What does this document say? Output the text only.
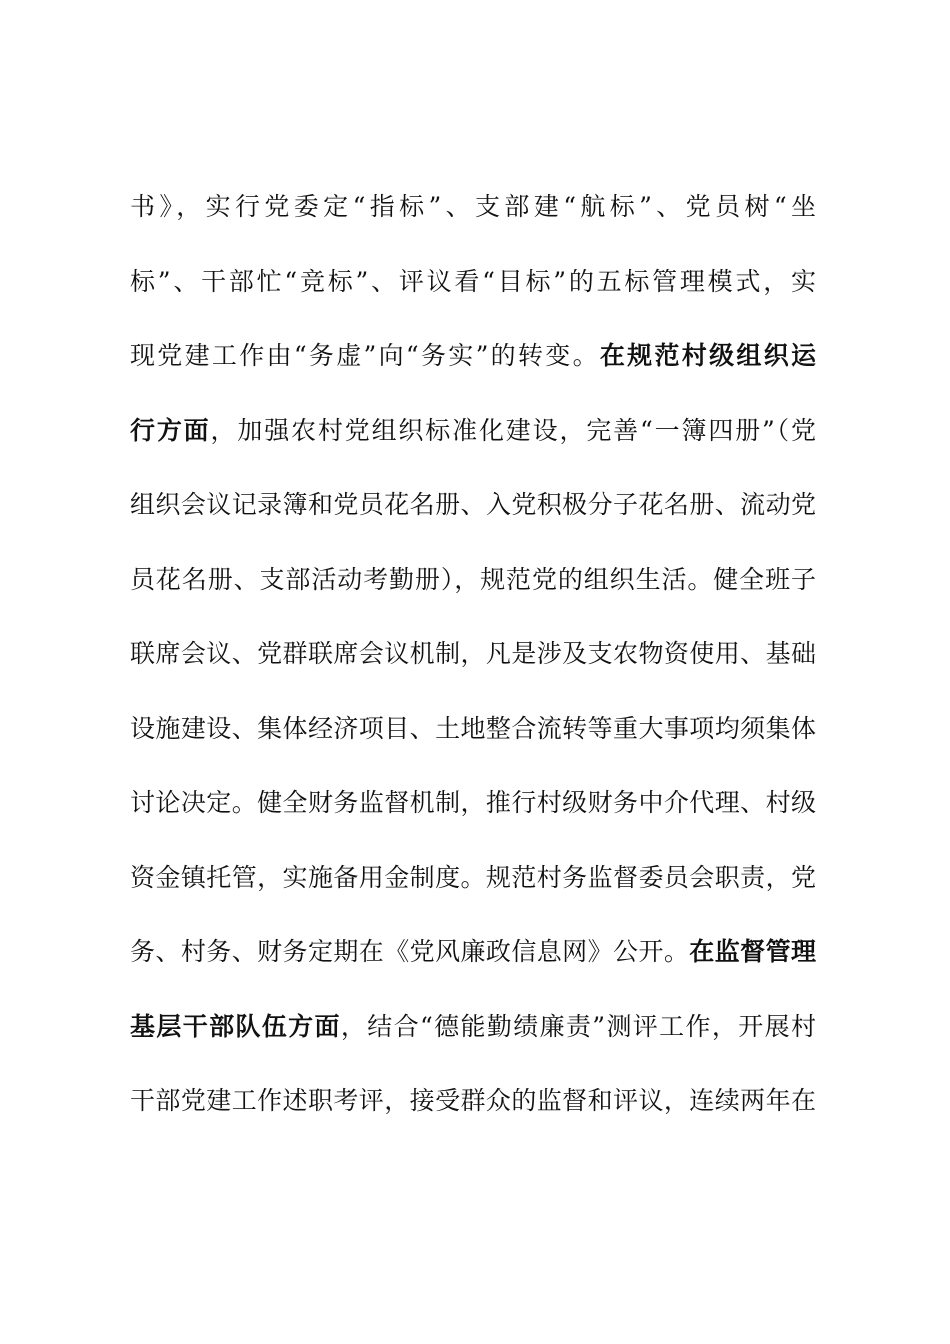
书》，实行党委定“指标”、支部建“航标”、党员树“坐
标”、干部忙“竞标”、评议看“目标”的五标管理模式，实
现党建工作由“务虚”向“务实”的转变。在规范村级组织运
行方面，加强农村党组织标准化建设，完善“一簿四册”（党
组织会议记录簿和党员花名册、入党积极分子花名册、流动党
员花名册、支部活动考勤册），规范党的组织生活。健全班子
联席会议、党群联席会议机制，凡是涉及支农物资使用、基础
设施建设、集体经济项目、土地整合流转等重大事项均须集体
讨论决定。健全财务监督机制，推行村级财务中介代理、村级
资金镇托管，实施备用金制度。规范村务监督委员会职责，党
务、村务、财务定期在《党风廉政信息网》公开。在监督管理
基层干部队伍方面，结合“德能勤绩廉责”测评工作，开展村
干部党建工作述职考评，接受群众的监督和评议，连续两年在
